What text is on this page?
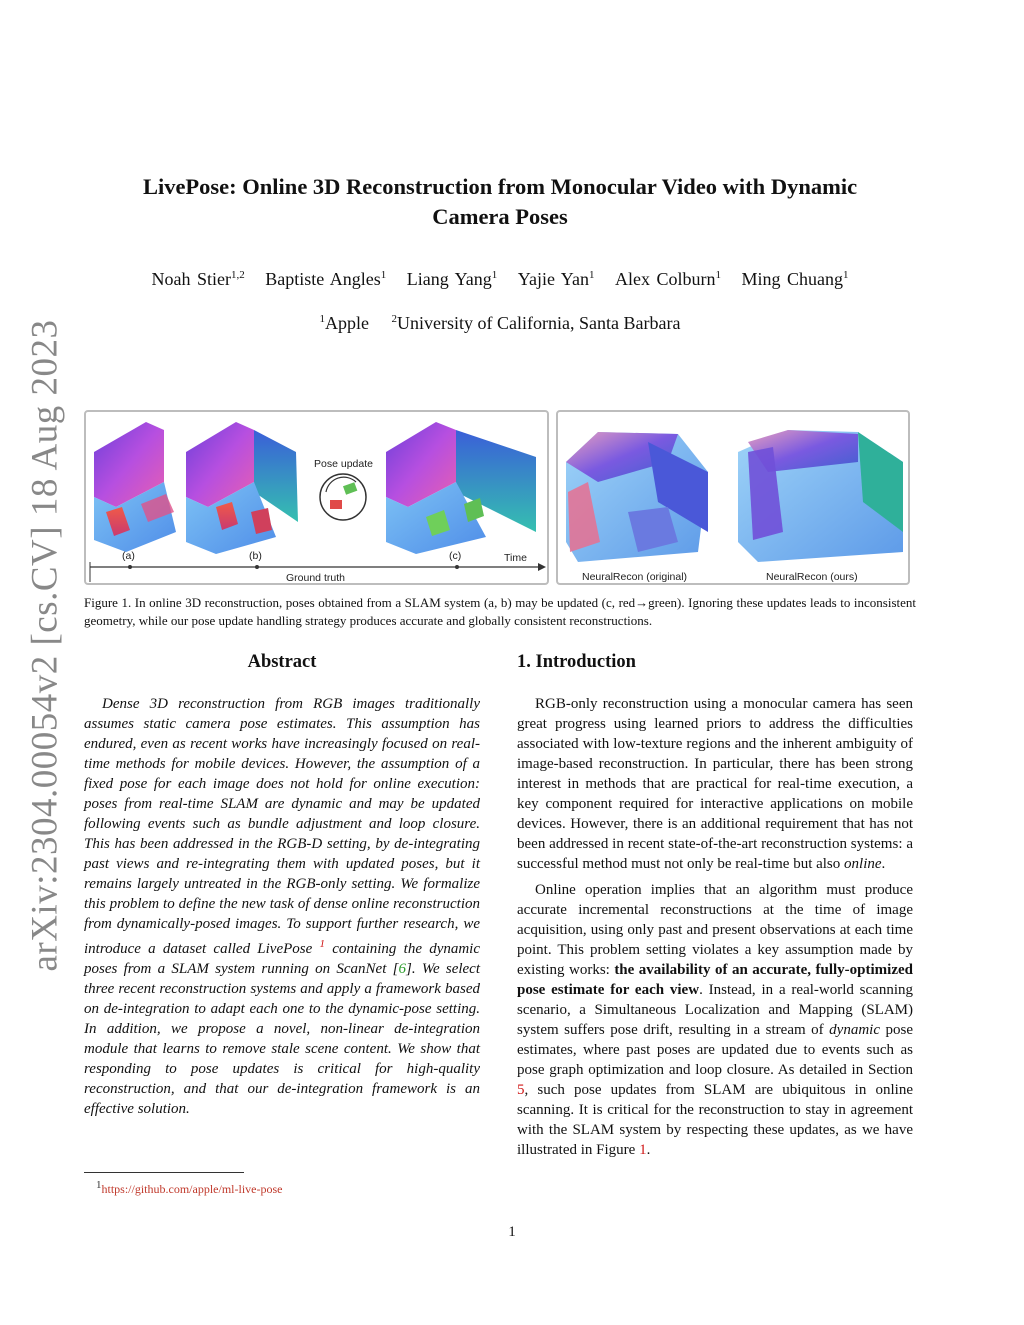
arXiv:2304.00054v2 [cs.CV] 18 Aug 2023
LivePose: Online 3D Reconstruction from Monocular Video with Dynamic
Camera Poses
Noah Stier$^{1,2}$ Baptiste Angles$^1$ Liang Yang$^1$ Yajie Yan$^1$ Alex Colburn$^1$ Ming Chuang$^1$
$^1$Apple $^2$University of California, Santa Barbara
Pose update
(a)	(b)	(c)	Time
Ground truth	NeuralRecon (original)	NeuralRecon (ours)
Figure 1. In online 3D reconstruction, poses obtained from a SLAM system (a, b) may be updated (c, red→green). Ignoring these updates leads to inconsistent geometry, while our pose update handling strategy produces accurate and globally consistent reconstructions.
Abstract

Dense 3D reconstruction from RGB images traditionally assumes static camera pose estimates. This assumption has endured, even as recent works have increasingly focused on real-time methods for mobile devices. However, the assumption of a fixed pose for each image does not hold for online execution: poses from real-time SLAM are dynamic and may be updated following events such as bundle adjustment and loop closure. This has been addressed in the RGB-D setting, by de-integrating past views and re-integrating them with updated poses, but it remains largely untreated in the RGB-only setting. We formalize this problem to define the new task of dense online reconstruction from dynamically-posed images. To support further research, we introduce a dataset called LivePose $^1$ containing the dynamic poses from a SLAM system running on ScanNet [6]. We select three recent reconstruction systems and apply a framework based on de-integration to adapt each one to the dynamic-pose setting. In addition, we propose a novel, non-linear de-integration module that learns to remove stale scene content. We show that responding to pose updates is critical for high-quality reconstruction, and that our de-integration framework is an effective solution.

1. Introduction

RGB-only reconstruction using a monocular camera has seen great progress using learned priors to address the difficulties associated with low-texture regions and the inherent ambiguity of image-based reconstruction. In particular, there has been strong interest in methods that are practical for real-time execution, a key component required for interactive applications on mobile devices. However, there is an additional requirement that has not been addressed in recent state-of-the-art reconstruction systems: a successful method must not only be real-time but also online.

Online operation implies that an algorithm must produce accurate incremental reconstructions at the time of image acquisition, using only past and present observations at each time point. This problem setting violates a key assumption made by existing works: the availability of an accurate, fully-optimized pose estimate for each view. Instead, in a real-world scanning scenario, a Simultaneous Localization and Mapping (SLAM) system suffers pose drift, resulting in a stream of dynamic pose estimates, where past poses are updated due to events such as pose graph optimization and loop closure. As detailed in Section 5, such pose updates from SLAM are ubiquitous in online scanning. It is critical for the reconstruction to stay in agreement with the SLAM system by respecting these updates, as we have illustrated in Figure 1.

$^1$https://github.com/apple/ml-live-pose
1
